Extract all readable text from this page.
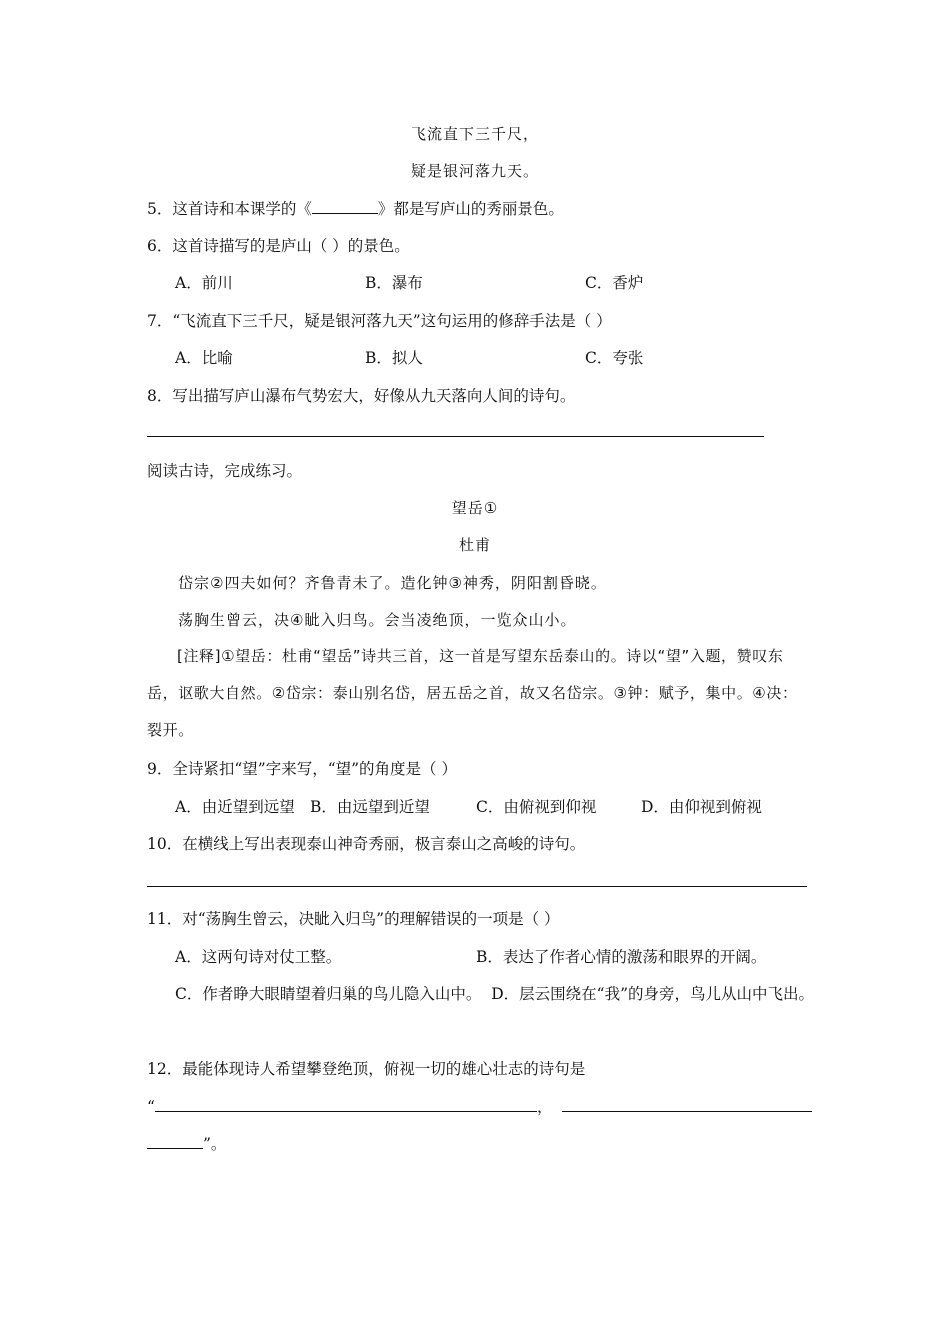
飞流直下三千尺，
疑是银河落九天。
5．这首诗和本课学的《	》都是写庐山的秀丽景色。
6．这首诗描写的是庐山（ ）的景色。
A．前川	B．瀑布	C．香炉
7．“飞流直下三千尺，疑是银河落九天”这句运用的修辞手法是（ ）
A．比喻	B．拟人	C．夸张
8．写出描写庐山瀑布气势宏大，好像从九天落向人间的诗句。
阅读古诗，完成练习。
望岳①
杜甫
岱宗②四夫如何？齐鲁青未了。造化钟③神秀，阴阳割昏晓。
荡胸生曾云，决④眦入归鸟。会当凌绝顶，一览众山小。
[注释]①望岳：杜甫“望岳”诗共三首，这一首是写望东岳泰山的。诗以“望”入题，赞叹东岳，讴歌大自然。②岱宗：泰山别名岱，居五岳之首，故又名岱宗。③钟：赋予，集中。④决：裂开。
9．全诗紧扣“望”字来写，“望”的角度是（ ）
A．由近望到远望 B．由远望到近望	C．由俯视到仰视	D．由仰视到俯视
10．在横线上写出表现泰山神奇秀丽，极言泰山之高峻的诗句。
11．对“荡胸生曾云，决眦入归鸟”的理解错误的一项是（ ）
A．这两句诗对仗工整。	B．表达了作者心情的激荡和眼界的开阔。
C．作者睁大眼睛望着归巢的鸟儿隐入山中。 D．层云围绕在“我”的身旁，鸟儿从山中飞出。
12．最能体现诗人希望攀登绝顶，俯视一切的雄心壮志的诗句是
“	，
”。
